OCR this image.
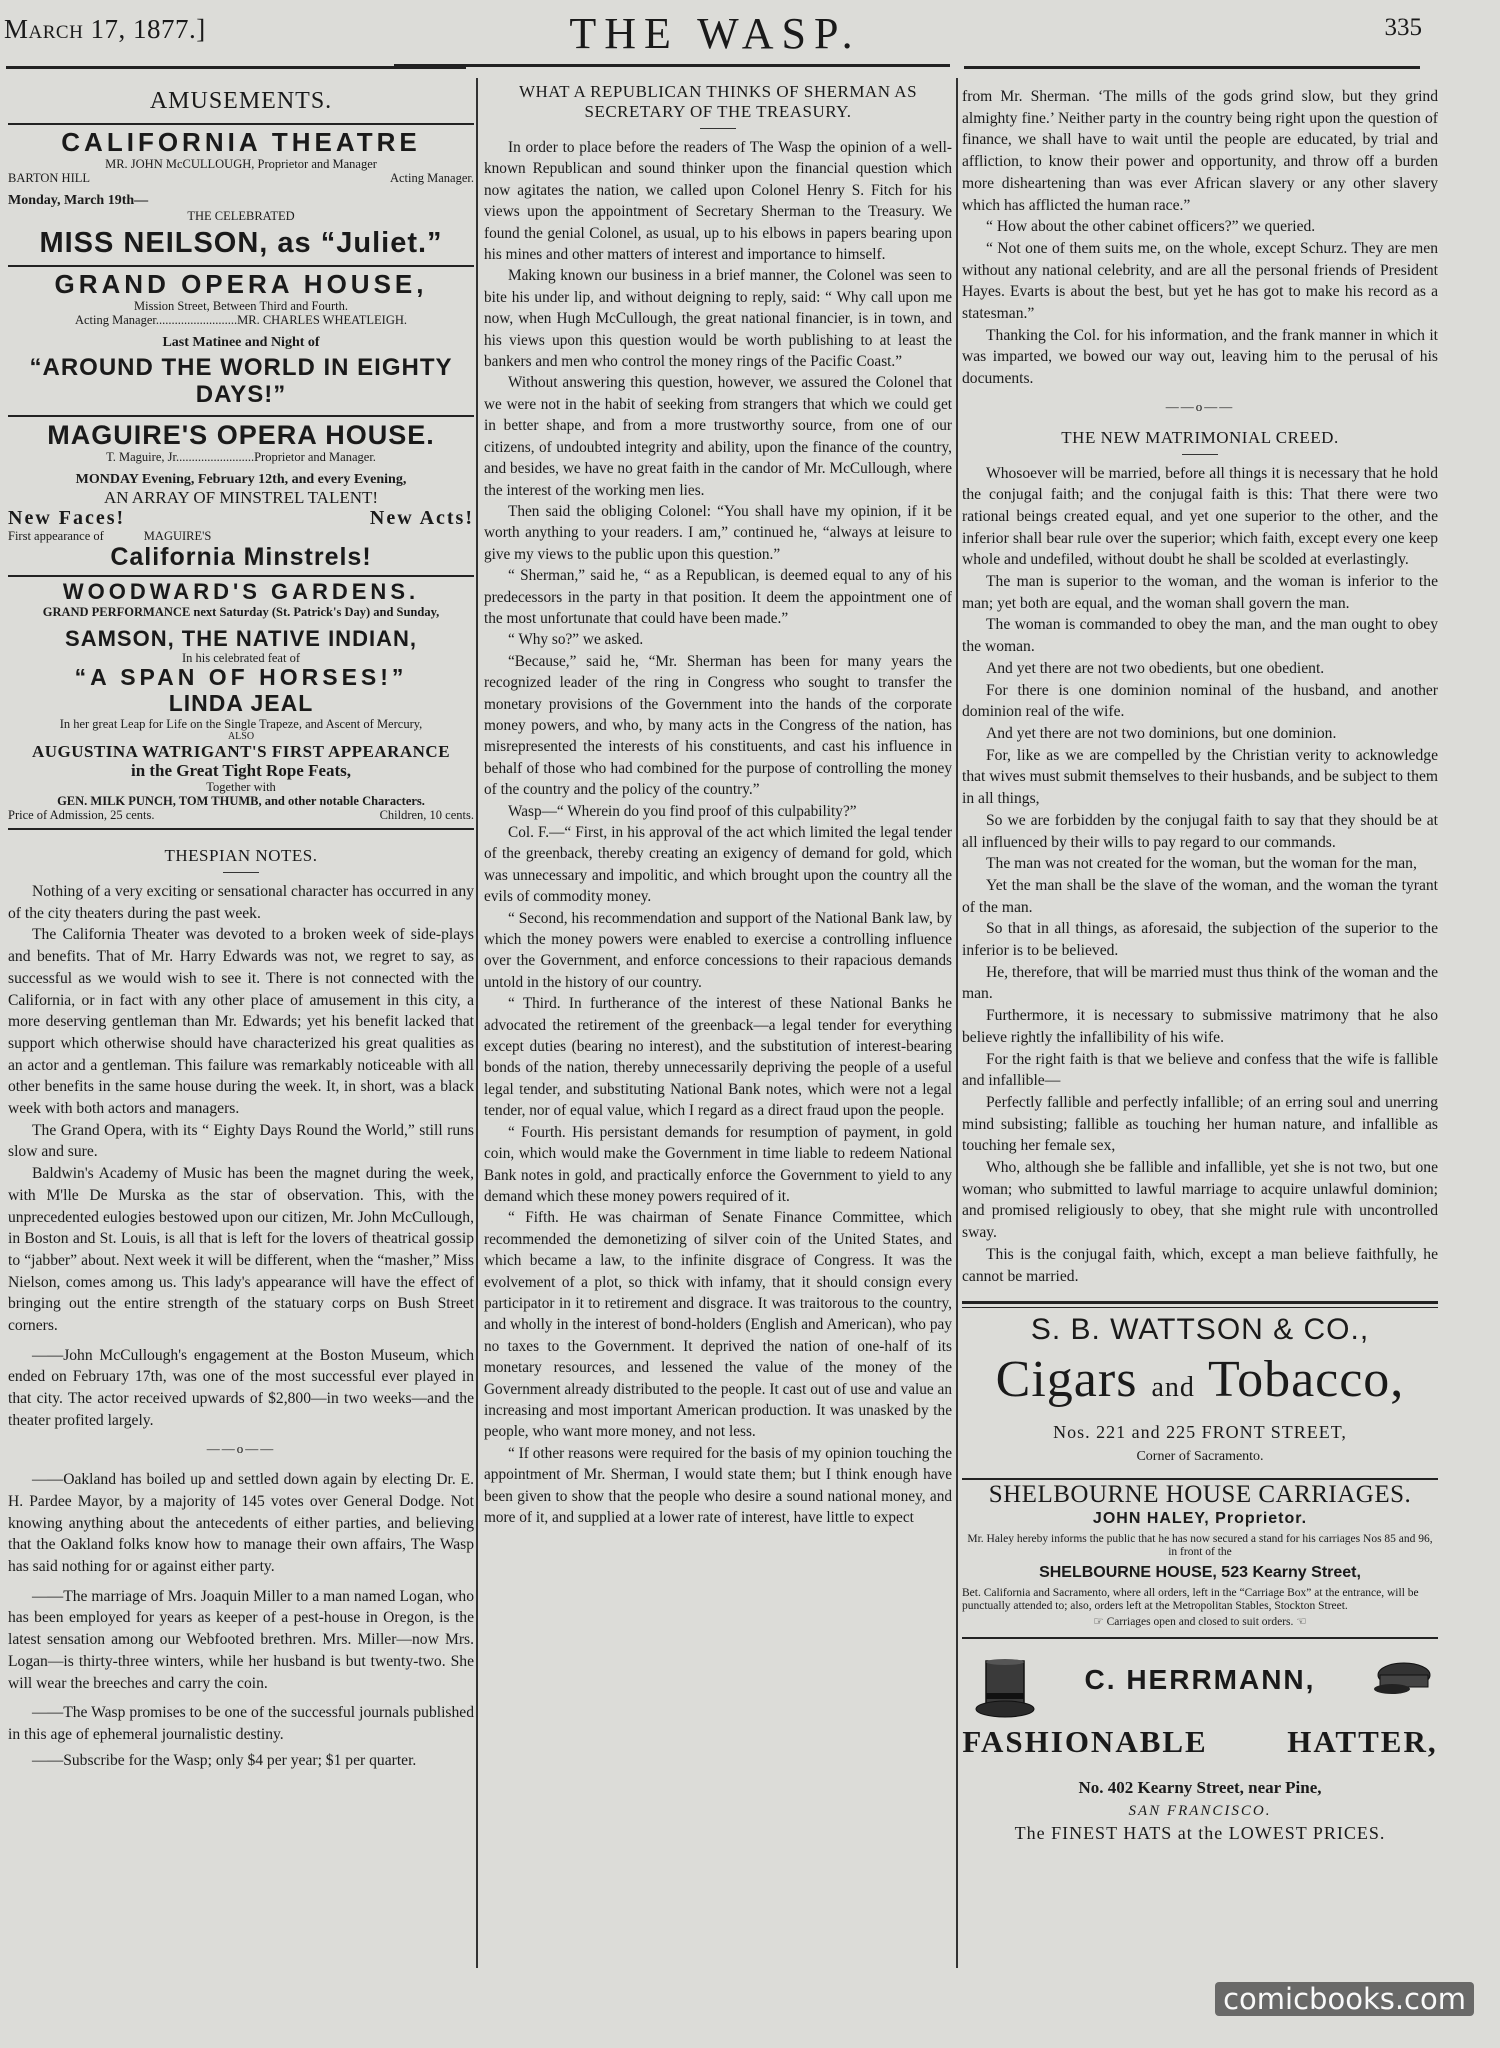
March 17, 1877.]	THE WASP.	335
AMUSEMENTS.
CALIFORNIA THEATRE
MR. JOHN McCULLOUGH, Proprietor and Manager
BARTON HILL	Acting Manager.
Monday, March 19th—
THE CELEBRATED
MISS NEILSON, as “Juliet.”
GRAND OPERA HOUSE,
Mission Street, Between Third and Fourth.
Acting Manager..........................MR. CHARLES WHEATLEIGH.
Last Matinee and Night of
“AROUND THE WORLD IN EIGHTY DAYS!”
MAGUIRE'S OPERA HOUSE.
T. Maguire, Jr.........................Proprietor and Manager.
MONDAY Evening, February 12th, and every Evening,
AN ARRAY OF MINSTREL TALENT!
New Faces!	New Acts!
First appearance of	MAGUIRE'S
California Minstrels!
WOODWARD'S GARDENS.
GRAND PERFORMANCE next Saturday (St. Patrick's Day) and Sunday,
SAMSON, THE NATIVE INDIAN,
In his celebrated feat of
“A SPAN OF HORSES!”
LINDA JEAL
In her great Leap for Life on the Single Trapeze, and Ascent of Mercury,
ALSO
AUGUSTINA WATRIGANT'S FIRST APPEARANCE
in the Great Tight Rope Feats,
Together with
GEN. MILK PUNCH, TOM THUMB, and other notable Characters.
Price of Admission, 25 cents.	Children, 10 cents.
THESPIAN NOTES.

Nothing of a very exciting or sensational character has occurred in any of the city theaters during the past week.

The California Theater was devoted to a broken week of side-plays and benefits. That of Mr. Harry Edwards was not, we regret to say, as successful as we would wish to see it. There is not connected with the California, or in fact with any other place of amusement in this city, a more deserving gentleman than Mr. Edwards; yet his benefit lacked that support which otherwise should have characterized his great qualities as an actor and a gentleman. This failure was remarkably noticeable with all other benefits in the same house during the week. It, in short, was a black week with both actors and managers.

The Grand Opera, with its “ Eighty Days Round the World,” still runs slow and sure.

Baldwin's Academy of Music has been the magnet during the week, with M'lle De Murska as the star of observation. This, with the unprecedented eulogies bestowed upon our citizen, Mr. John McCullough, in Boston and St. Louis, is all that is left for the lovers of theatrical gossip to “jabber” about. Next week it will be different, when the “masher,” Miss Nielson, comes among us. This lady's appearance will have the effect of bringing out the entire strength of the statuary corps on Bush Street corners.

——John McCullough's engagement at the Boston Museum, which ended on February 17th, was one of the most successful ever played in that city. The actor received upwards of $2,800—in two weeks—and the theater profited largely.

——o——

——Oakland has boiled up and settled down again by electing Dr. E. H. Pardee Mayor, by a majority of 145 votes over General Dodge. Not knowing anything about the antecedents of either parties, and believing that the Oakland folks know how to manage their own affairs, The Wasp has said nothing for or against either party.

——The marriage of Mrs. Joaquin Miller to a man named Logan, who has been employed for years as keeper of a pest-house in Oregon, is the latest sensation among our Webfooted brethren. Mrs. Miller—now Mrs. Logan—is thirty-three winters, while her husband is but twenty-two. She will wear the breeches and carry the coin.

——The Wasp promises to be one of the successful journals published in this age of ephemeral journalistic destiny.

——Subscribe for the Wasp; only $4 per year; $1 per quarter.

WHAT A REPUBLICAN THINKS OF SHERMAN AS SECRETARY OF THE TREASURY.

In order to place before the readers of The Wasp the opinion of a well-known Republican and sound thinker upon the financial question which now agitates the nation, we called upon Colonel Henry S. Fitch for his views upon the appointment of Secretary Sherman to the Treasury. We found the genial Colonel, as usual, up to his elbows in papers bearing upon his mines and other matters of interest and importance to himself.

Making known our business in a brief manner, the Colonel was seen to bite his under lip, and without deigning to reply, said: “ Why call upon me now, when Hugh McCullough, the great national financier, is in town, and his views upon this question would be worth publishing to at least the bankers and men who control the money rings of the Pacific Coast.”

Without answering this question, however, we assured the Colonel that we were not in the habit of seeking from strangers that which we could get in better shape, and from a more trustworthy source, from one of our citizens, of undoubted integrity and ability, upon the finance of the country, and besides, we have no great faith in the candor of Mr. McCullough, where the interest of the working men lies.

Then said the obliging Colonel: “You shall have my opinion, if it be worth anything to your readers. I am,” continued he, “always at leisure to give my views to the public upon this question.”

“ Sherman,” said he, “ as a Republican, is deemed equal to any of his predecessors in the party in that position. It deem the appointment one of the most unfortunate that could have been made.”

“ Why so?” we asked.

“Because,” said he, “Mr. Sherman has been for many years the recognized leader of the ring in Congress who sought to transfer the monetary provisions of the Government into the hands of the corporate money powers, and who, by many acts in the Congress of the nation, has misrepresented the interests of his constituents, and cast his influence in behalf of those who had combined for the purpose of controlling the money of the country and the policy of the country.”

Wasp—“ Wherein do you find proof of this culpability?”

Col. F.—“ First, in his approval of the act which limited the legal tender of the greenback, thereby creating an exigency of demand for gold, which was unnecessary and impolitic, and which brought upon the country all the evils of commodity money.

“ Second, his recommendation and support of the National Bank law, by which the money powers were enabled to exercise a controlling influence over the Government, and enforce concessions to their rapacious demands untold in the history of our country.

“ Third. In furtherance of the interest of these National Banks he advocated the retirement of the greenback—a legal tender for everything except duties (bearing no interest), and the substitution of interest-bearing bonds of the nation, thereby unnecessarily depriving the people of a useful legal tender, and substituting National Bank notes, which were not a legal tender, nor of equal value, which I regard as a direct fraud upon the people.

“ Fourth. His persistant demands for resumption of payment, in gold coin, which would make the Government in time liable to redeem National Bank notes in gold, and practically enforce the Government to yield to any demand which these money powers required of it.

“ Fifth. He was chairman of Senate Finance Committee, which recommended the demonetizing of silver coin of the United States, and which became a law, to the infinite disgrace of Congress. It was the evolvement of a plot, so thick with infamy, that it should consign every participator in it to retirement and disgrace. It was traitorous to the country, and wholly in the interest of bond-holders (English and American), who pay no taxes to the Government. It deprived the nation of one-half of its monetary resources, and lessened the value of the money of the Government already distributed to the people. It cast out of use and value an increasing and most important American production. It was unasked by the people, who want more money, and not less.

“ If other reasons were required for the basis of my opinion touching the appointment of Mr. Sherman, I would state them; but I think enough have been given to show that the people who desire a sound national money, and more of it, and supplied at a lower rate of interest, have little to expect

from Mr. Sherman. ‘The mills of the gods grind slow, but they grind almighty fine.’ Neither party in the country being right upon the question of finance, we shall have to wait until the people are educated, by trial and affliction, to know their power and opportunity, and throw off a burden more disheartening than was ever African slavery or any other slavery which has afflicted the human race.”

“ How about the other cabinet officers?” we queried.

“ Not one of them suits me, on the whole, except Schurz. They are men without any national celebrity, and are all the personal friends of President Hayes. Evarts is about the best, but yet he has got to make his record as a statesman.”

Thanking the Col. for his information, and the frank manner in which it was imparted, we bowed our way out, leaving him to the perusal of his documents.

——o——
THE NEW MATRIMONIAL CREED.

Whosoever will be married, before all things it is necessary that he hold the conjugal faith; and the conjugal faith is this: That there were two rational beings created equal, and yet one superior to the other, and the inferior shall bear rule over the superior; which faith, except every one keep whole and undefiled, without doubt he shall be scolded at everlastingly.

The man is superior to the woman, and the woman is inferior to the man; yet both are equal, and the woman shall govern the man.

The woman is commanded to obey the man, and the man ought to obey the woman.

And yet there are not two obedients, but one obedient.

For there is one dominion nominal of the husband, and another dominion real of the wife.

And yet there are not two dominions, but one dominion.

For, like as we are compelled by the Christian verity to acknowledge that wives must submit themselves to their husbands, and be subject to them in all things,

So we are forbidden by the conjugal faith to say that they should be at all influenced by their wills to pay regard to our commands.

The man was not created for the woman, but the woman for the man,

Yet the man shall be the slave of the woman, and the woman the tyrant of the man.

So that in all things, as aforesaid, the subjection of the superior to the inferior is to be believed.

He, therefore, that will be married must thus think of the woman and the man.

Furthermore, it is necessary to submissive matrimony that he also believe rightly the infallibility of his wife.

For the right faith is that we believe and confess that the wife is fallible and infallible—

Perfectly fallible and perfectly infallible; of an erring soul and unerring mind subsisting; fallible as touching her human nature, and infallible as touching her female sex,

Who, although she be fallible and infallible, yet she is not two, but one woman; who submitted to lawful marriage to acquire unlawful dominion; and promised religiously to obey, that she might rule with uncontrolled sway.

This is the conjugal faith, which, except a man believe faithfully, he cannot be married.

S. B. WATTSON & CO.,
Cigars and Tobacco,
Nos. 221 and 225 FRONT STREET,
Corner of Sacramento.
SHELBOURNE HOUSE CARRIAGES.
JOHN HALEY, Proprietor.
Mr. Haley hereby informs the public that he has now secured a stand for his carriages Nos 85 and 96, in front of the
SHELBOURNE HOUSE, 523 Kearny Street,
Bet. California and Sacramento, where all orders, left in the “Carriage Box” at the entrance, will be punctually attended to; also, orders left at the Metropolitan Stables, Stockton Street.
☞ Carriages open and closed to suit orders. ☜
C. HERRMANN,
FASHIONABLE	HATTER,
No. 402 Kearny Street, near Pine,
SAN FRANCISCO.
The FINEST HATS at the LOWEST PRICES.
comicbooks.com
